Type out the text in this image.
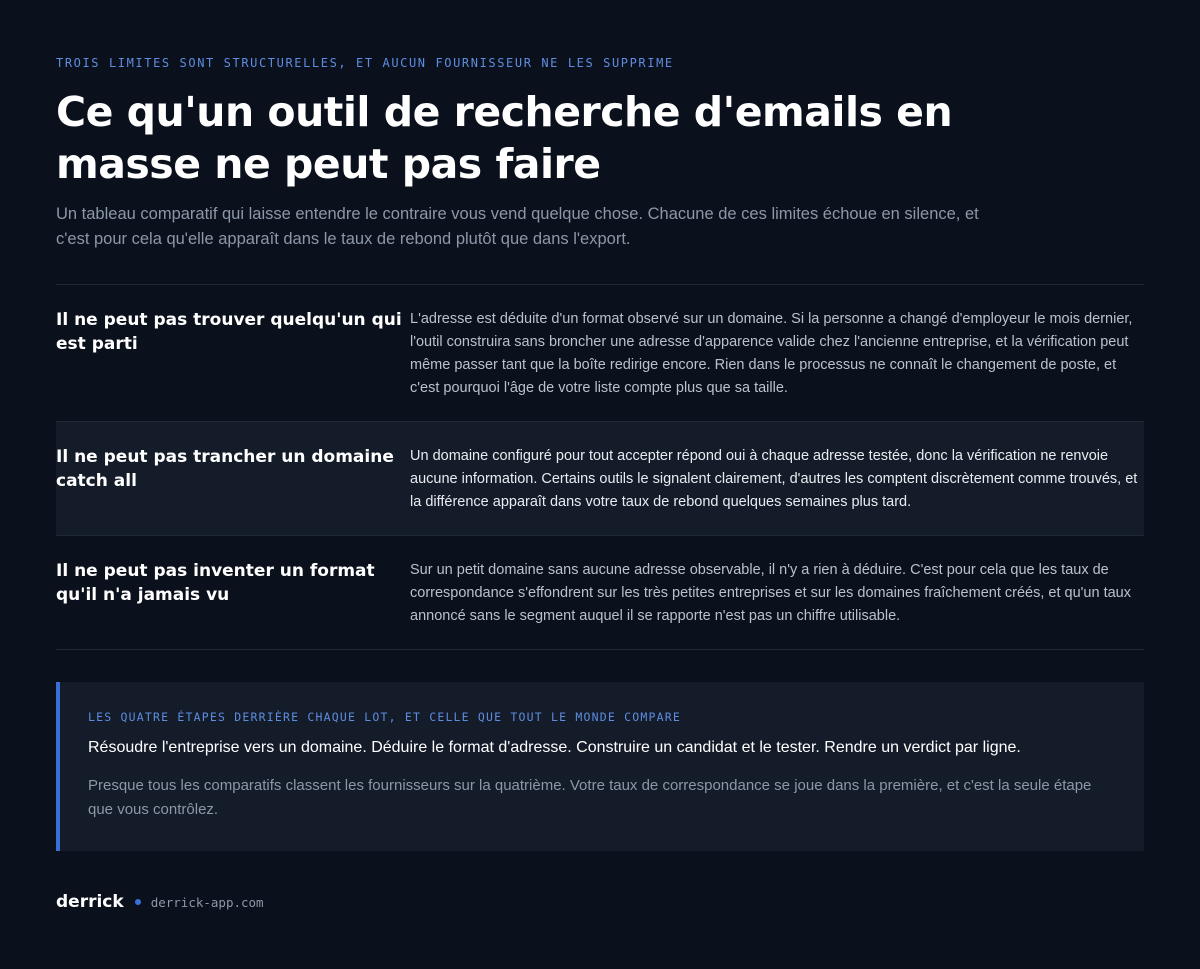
TROIS LIMITES SONT STRUCTURELLES, ET AUCUN FOURNISSEUR NE LES SUPPRIME
Ce qu'un outil de recherche d'emails en masse ne peut pas faire

Un tableau comparatif qui laisse entendre le contraire vous vend quelque chose. Chacune de ces limites échoue en silence, et c'est pour cela qu'elle apparaît dans le taux de rebond plutôt que dans l'export.

Il ne peut pas trouver quelqu'un qui est parti
L'adresse est déduite d'un format observé sur un domaine. Si la personne a changé d'employeur le mois dernier, l'outil construira sans broncher une adresse d'apparence valide chez l'ancienne entreprise, et la vérification peut même passer tant que la boîte redirige encore. Rien dans le processus ne connaît le changement de poste, et c'est pourquoi l'âge de votre liste compte plus que sa taille.
Il ne peut pas trancher un domaine catch all
Un domaine configuré pour tout accepter répond oui à chaque adresse testée, donc la vérification ne renvoie aucune information. Certains outils le signalent clairement, d'autres les comptent discrètement comme trouvés, et la différence apparaît dans votre taux de rebond quelques semaines plus tard.
Il ne peut pas inventer un format qu'il n'a jamais vu
Sur un petit domaine sans aucune adresse observable, il n'y a rien à déduire. C'est pour cela que les taux de correspondance s'effondrent sur les très petites entreprises et sur les domaines fraîchement créés, et qu'un taux annoncé sans le segment auquel il se rapporte n'est pas un chiffre utilisable.
LES QUATRE ÉTAPES DERRIÈRE CHAQUE LOT, ET CELLE QUE TOUT LE MONDE COMPARE
Résoudre l'entreprise vers un domaine. Déduire le format d'adresse. Construire un candidat et le tester. Rendre un verdict par ligne.
Presque tous les comparatifs classent les fournisseurs sur la quatrième. Votre taux de correspondance se joue dans la première, et c'est la seule étape que vous contrôlez.
derrick derrick-app.com
